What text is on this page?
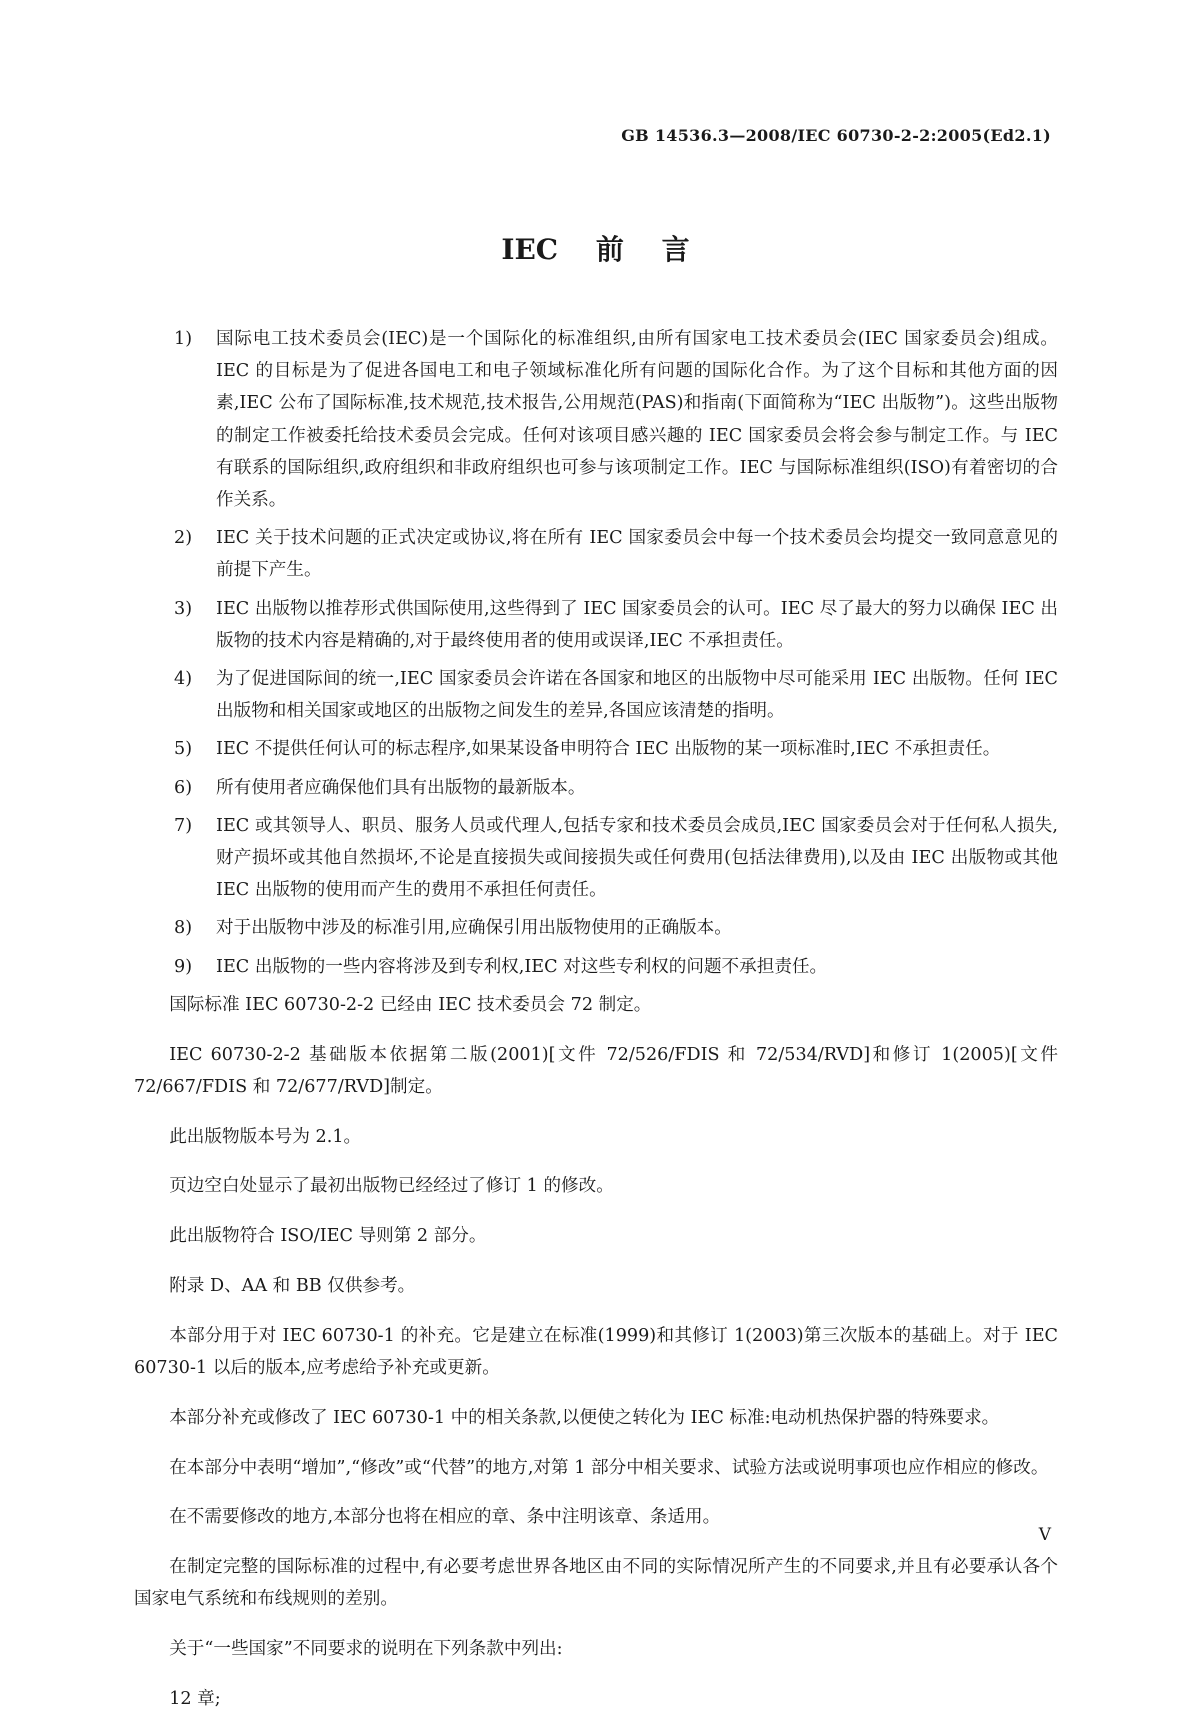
GB 14536.3—2008/IEC 60730-2-2:2005(Ed2.1)
IEC 前 言
1)	国际电工技术委员会(IEC)是一个国际化的标准组织,由所有国家电工技术委员会(IEC 国家委员会)组成。IEC 的目标是为了促进各国电工和电子领域标准化所有问题的国际化合作。为了这个目标和其他方面的因素,IEC 公布了国际标准,技术规范,技术报告,公用规范(PAS)和指南(下面简称为“IEC 出版物”)。这些出版物的制定工作被委托给技术委员会完成。任何对该项目感兴趣的 IEC 国家委员会将会参与制定工作。与 IEC 有联系的国际组织,政府组织和非政府组织也可参与该项制定工作。IEC 与国际标准组织(ISO)有着密切的合作关系。
2)	IEC 关于技术问题的正式决定或协议,将在所有 IEC 国家委员会中每一个技术委员会均提交一致同意意见的前提下产生。
3)	IEC 出版物以推荐形式供国际使用,这些得到了 IEC 国家委员会的认可。IEC 尽了最大的努力以确保 IEC 出版物的技术内容是精确的,对于最终使用者的使用或误译,IEC 不承担责任。
4)	为了促进国际间的统一,IEC 国家委员会许诺在各国家和地区的出版物中尽可能采用 IEC 出版物。任何 IEC 出版物和相关国家或地区的出版物之间发生的差异,各国应该清楚的指明。
5)	IEC 不提供任何认可的标志程序,如果某设备申明符合 IEC 出版物的某一项标准时,IEC 不承担责任。
6)	所有使用者应确保他们具有出版物的最新版本。
7)	IEC 或其领导人、职员、服务人员或代理人,包括专家和技术委员会成员,IEC 国家委员会对于任何私人损失,财产损坏或其他自然损坏,不论是直接损失或间接损失或任何费用(包括法律费用),以及由 IEC 出版物或其他 IEC 出版物的使用而产生的费用不承担任何责任。
8)	对于出版物中涉及的标准引用,应确保引用出版物使用的正确版本。
9)	IEC 出版物的一些内容将涉及到专利权,IEC 对这些专利权的问题不承担责任。

国际标准 IEC 60730-2-2 已经由 IEC 技术委员会 72 制定。

IEC 60730-2-2 基础版本依据第二版(2001)[文件 72/526/FDIS 和 72/534/RVD]和修订 1(2005)[文件 72/667/FDIS 和 72/677/RVD]制定。

此出版物版本号为 2.1。

页边空白处显示了最初出版物已经经过了修订 1 的修改。

此出版物符合 ISO/IEC 导则第 2 部分。

附录 D、AA 和 BB 仅供参考。

本部分用于对 IEC 60730-1 的补充。它是建立在标准(1999)和其修订 1(2003)第三次版本的基础上。对于 IEC 60730-1 以后的版本,应考虑给予补充或更新。

本部分补充或修改了 IEC 60730-1 中的相关条款,以便使之转化为 IEC 标准:电动机热保护器的特殊要求。

在本部分中表明“增加”,“修改”或“代替”的地方,对第 1 部分中相关要求、试验方法或说明事项也应作相应的修改。

在不需要修改的地方,本部分也将在相应的章、条中注明该章、条适用。

在制定完整的国际标准的过程中,有必要考虑世界各地区由不同的实际情况所产生的不同要求,并且有必要承认各个国家电气系统和布线规则的差别。

关于“一些国家”不同要求的说明在下列条款中列出:

12 章;

V
